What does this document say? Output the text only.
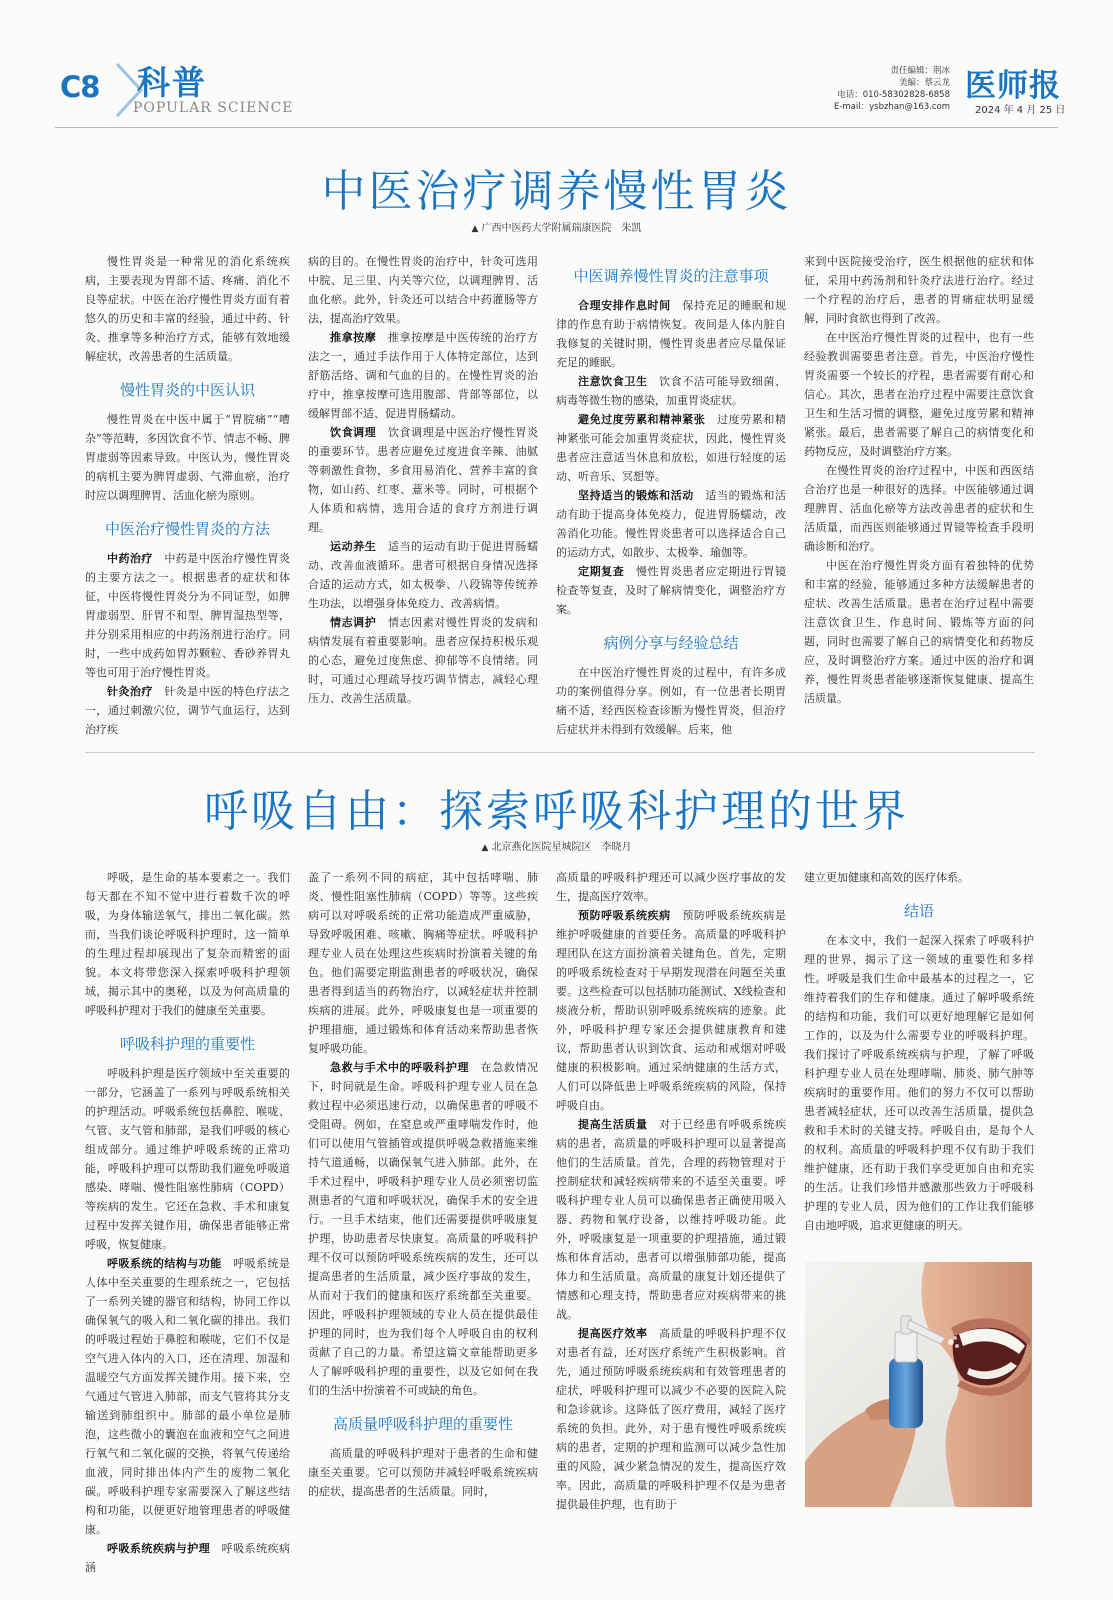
C8 科普
POPULAR SCIENCE
责任编辑：荆冰
美编：蔡云龙
电话：010-58302828-6858
E-mail：ysbzhan@163.com
医师报
2024 年 4 月 25 日
中医治疗调养慢性胃炎
▲ 广西中医药大学附属瑞康医院　朱凯

慢性胃炎是一种常见的消化系统疾病，主要表现为胃部不适、疼痛、消化不良等症状。中医在治疗慢性胃炎方面有着悠久的历史和丰富的经验，通过中药、针灸、推拿等多种治疗方式，能够有效地缓解症状，改善患者的生活质量。

慢性胃炎的中医认识

慢性胃炎在中医中属于“胃脘痛”“嘈杂”等范畴，多因饮食不节、情志不畅、脾胃虚弱等因素导致。中医认为，慢性胃炎的病机主要为脾胃虚弱、气滞血瘀，治疗时应以调理脾胃、活血化瘀为原则。

中医治疗慢性胃炎的方法

中药治疗　 中药是中医治疗慢性胃炎的主要方法之一。根据患者的症状和体征，中医将慢性胃炎分为不同证型，如脾胃虚弱型、肝胃不和型、脾胃湿热型等，并分别采用相应的中药汤剂进行治疗。同时，一些中成药如胃苏颗粒、香砂养胃丸等也可用于治疗慢性胃炎。

针灸治疗　 针灸是中医的特色疗法之一，通过刺激穴位，调节气血运行，达到治疗疾

病的目的。在慢性胃炎的治疗中，针灸可选用中脘、足三里、内关等穴位，以调理脾胃、活血化瘀。此外，针灸还可以结合中药灌肠等方法，提高治疗效果。

推拿按摩　 推拿按摩是中医传统的治疗方法之一，通过手法作用于人体特定部位，达到舒筋活络、调和气血的目的。在慢性胃炎的治疗中，推拿按摩可选用腹部、背部等部位，以缓解胃部不适、促进胃肠蠕动。

饮食调理　 饮食调理是中医治疗慢性胃炎的重要环节。患者应避免过度进食辛辣、油腻等刺激性食物，多食用易消化、营养丰富的食物，如山药、红枣、薏米等。同时，可根据个人体质和病情，选用合适的食疗方剂进行调理。

运动养生　 适当的运动有助于促进胃肠蠕动、改善血液循环。患者可根据自身情况选择合适的运动方式，如太极拳、八段锦等传统养生功法，以增强身体免疫力、改善病情。

情志调护　 情志因素对慢性胃炎的发病和病情发展有着重要影响。患者应保持积极乐观的心态，避免过度焦虑、抑郁等不良情绪。同时，可通过心理疏导技巧调节情志，减轻心理压力、改善生活质量。

中医调养慢性胃炎的注意事项

合理安排作息时间　 保持充足的睡眠和规律的作息有助于病情恢复。夜间是人体内脏自我修复的关键时期，慢性胃炎患者应尽量保证充足的睡眠。

注意饮食卫生　 饮食不洁可能导致细菌、病毒等微生物的感染，加重胃炎症状。

避免过度劳累和精神紧张　 过度劳累和精神紧张可能会加重胃炎症状，因此，慢性胃炎患者应注意适当休息和放松，如进行轻度的运动、听音乐、冥想等。

坚持适当的锻炼和活动　 适当的锻炼和活动有助于提高身体免疫力，促进胃肠蠕动，改善消化功能。慢性胃炎患者可以选择适合自己的运动方式，如散步、太极拳、瑜伽等。

定期复查　 慢性胃炎患者应定期进行胃镜检查等复查，及时了解病情变化，调整治疗方案。

病例分享与经验总结

在中医治疗慢性胃炎的过程中，有许多成功的案例值得分享。例如，有一位患者长期胃痛不适，经西医检查诊断为慢性胃炎，但治疗后症状并未得到有效缓解。后来，他

来到中医院接受治疗，医生根据他的症状和体征，采用中药汤剂和针灸疗法进行治疗。经过一个疗程的治疗后，患者的胃痛症状明显缓解，同时食欲也得到了改善。

在中医治疗慢性胃炎的过程中，也有一些经验教训需要患者注意。首先，中医治疗慢性胃炎需要一个较长的疗程，患者需要有耐心和信心。其次，患者在治疗过程中需要注意饮食卫生和生活习惯的调整，避免过度劳累和精神紧张。最后，患者需要了解自己的病情变化和药物反应，及时调整治疗方案。

在慢性胃炎的治疗过程中，中医和西医结合治疗也是一种很好的选择。中医能够通过调理脾胃、活血化瘀等方法改善患者的症状和生活质量，而西医则能够通过胃镜等检查手段明确诊断和治疗。

中医在治疗慢性胃炎方面有着独特的优势和丰富的经验，能够通过多种方法缓解患者的症状、改善生活质量。患者在治疗过程中需要注意饮食卫生、作息时间、锻炼等方面的问题，同时也需要了解自己的病情变化和药物反应，及时调整治疗方案。通过中医的治疗和调养，慢性胃炎患者能够逐渐恢复健康、提高生活质量。

呼吸自由：探索呼吸科护理的世界
▲ 北京燕化医院星城院区　李晓月

呼吸，是生命的基本要素之一。我们每天都在不知不觉中进行着数千次的呼吸，为身体输送氧气，排出二氧化碳。然而，当我们谈论呼吸科护理时，这一简单的生理过程却展现出了复杂而精密的面貌。本文将带您深入探索呼吸科护理领域，揭示其中的奥秘，以及为何高质量的呼吸科护理对于我们的健康至关重要。

呼吸科护理的重要性

呼吸科护理是医疗领域中至关重要的一部分，它涵盖了一系列与呼吸系统相关的护理活动。呼吸系统包括鼻腔、喉咙、气管、支气管和肺部，是我们呼吸的核心组成部分。通过维护呼吸系统的正常功能，呼吸科护理可以帮助我们避免呼吸道感染、哮喘、慢性阻塞性肺病（COPD）等疾病的发生。它还在急救、手术和康复过程中发挥关键作用，确保患者能够正常呼吸，恢复健康。

呼吸系统的结构与功能　 呼吸系统是人体中至关重要的生理系统之一，它包括了一系列关键的器官和结构，协同工作以确保氧气的吸入和二氧化碳的排出。我们的呼吸过程始于鼻腔和喉咙，它们不仅是空气进入体内的入口，还在清理、加湿和温暖空气方面发挥关键作用。接下来，空气通过气管进入肺部，而支气管将其分支输送到肺组织中。肺部的最小单位是肺泡，这些微小的囊泡在血液和空气之间进行氧气和二氧化碳的交换，将氧气传递给血液，同时排出体内产生的废物二氧化碳。呼吸科护理专家需要深入了解这些结构和功能，以便更好地管理患者的呼吸健康。

呼吸系统疾病与护理　 呼吸系统疾病涵

盖了一系列不同的病症，其中包括哮喘、肺炎、慢性阻塞性肺病（COPD）等等。这些疾病可以对呼吸系统的正常功能造成严重威胁，导致呼吸困难、咳嗽、胸痛等症状。呼吸科护理专业人员在处理这些疾病时扮演着关键的角色。他们需要定期监测患者的呼吸状况，确保患者得到适当的药物治疗，以减轻症状并控制疾病的进展。此外，呼吸康复也是一项重要的护理措施，通过锻炼和体育活动来帮助患者恢复呼吸功能。

急救与手术中的呼吸科护理　 在急救情况下，时间就是生命。呼吸科护理专业人员在急救过程中必须迅速行动，以确保患者的呼吸不受阻碍。例如，在窒息或严重哮喘发作时，他们可以使用气管插管或提供呼吸急救措施来维持气道通畅，以确保氧气进入肺部。此外，在手术过程中，呼吸科护理专业人员必须密切监测患者的气道和呼吸状况，确保手术的安全进行。一旦手术结束，他们还需要提供呼吸康复护理，协助患者尽快康复。高质量的呼吸科护理不仅可以预防呼吸系统疾病的发生，还可以提高患者的生活质量，减少医疗事故的发生，从而对于我们的健康和医疗系统都至关重要。因此，呼吸科护理领域的专业人员在提供最佳护理的同时，也为我们每个人呼吸自由的权利贡献了自己的力量。希望这篇文章能帮助更多人了解呼吸科护理的重要性，以及它如何在我们的生活中扮演着不可或缺的角色。

高质量呼吸科护理的重要性

高质量的呼吸科护理对于患者的生命和健康至关重要。它可以预防并减轻呼吸系统疾病的症状，提高患者的生活质量。同时，

高质量的呼吸科护理还可以减少医疗事故的发生，提高医疗效率。

预防呼吸系统疾病　 预防呼吸系统疾病是维护呼吸健康的首要任务。高质量的呼吸科护理团队在这方面扮演着关键角色。首先，定期的呼吸系统检查对于早期发现潜在问题至关重要。这些检查可以包括肺功能测试、X线检查和痰液分析，帮助识别呼吸系统疾病的迹象。此外，呼吸科护理专家还会提供健康教育和建议，帮助患者认识到饮食、运动和戒烟对呼吸健康的积极影响。通过采纳健康的生活方式，人们可以降低患上呼吸系统疾病的风险，保持呼吸自由。

提高生活质量　 对于已经患有呼吸系统疾病的患者，高质量的呼吸科护理可以显著提高他们的生活质量。首先，合理的药物管理对于控制症状和减轻疾病带来的不适至关重要。呼吸科护理专业人员可以确保患者正确使用吸入器、药物和氧疗设备，以维持呼吸功能。此外，呼吸康复是一项重要的护理措施，通过锻炼和体育活动，患者可以增强肺部功能，提高体力和生活质量。高质量的康复计划还提供了情感和心理支持，帮助患者应对疾病带来的挑战。

提高医疗效率　 高质量的呼吸科护理不仅对患者有益，还对医疗系统产生积极影响。首先，通过预防呼吸系统疾病和有效管理患者的症状，呼吸科护理可以减少不必要的医院入院和急诊就诊。这降低了医疗费用，减轻了医疗系统的负担。此外，对于患有慢性呼吸系统疾病的患者，定期的护理和监测可以减少急性加重的风险，减少紧急情况的发生，提高医疗效率。因此，高质量的呼吸科护理不仅是为患者提供最佳护理，也有助于

建立更加健康和高效的医疗体系。

结语

在本文中，我们一起深入探索了呼吸科护理的世界，揭示了这一领域的重要性和多样性。呼吸是我们生命中最基本的过程之一，它维持着我们的生存和健康。通过了解呼吸系统的结构和功能，我们可以更好地理解它是如何工作的，以及为什么需要专业的呼吸科护理。我们探讨了呼吸系统疾病与护理，了解了呼吸科护理专业人员在处理哮喘、肺炎、肺气肿等疾病时的重要作用。他们的努力不仅可以帮助患者减轻症状，还可以改善生活质量，提供急救和手术时的关键支持。呼吸自由，是每个人的权利。高质量的呼吸科护理不仅有助于我们维护健康，还有助于我们享受更加自由和充实的生活。让我们珍惜并感激那些致力于呼吸科护理的专业人员，因为他们的工作让我们能够自由地呼吸，追求更健康的明天。
